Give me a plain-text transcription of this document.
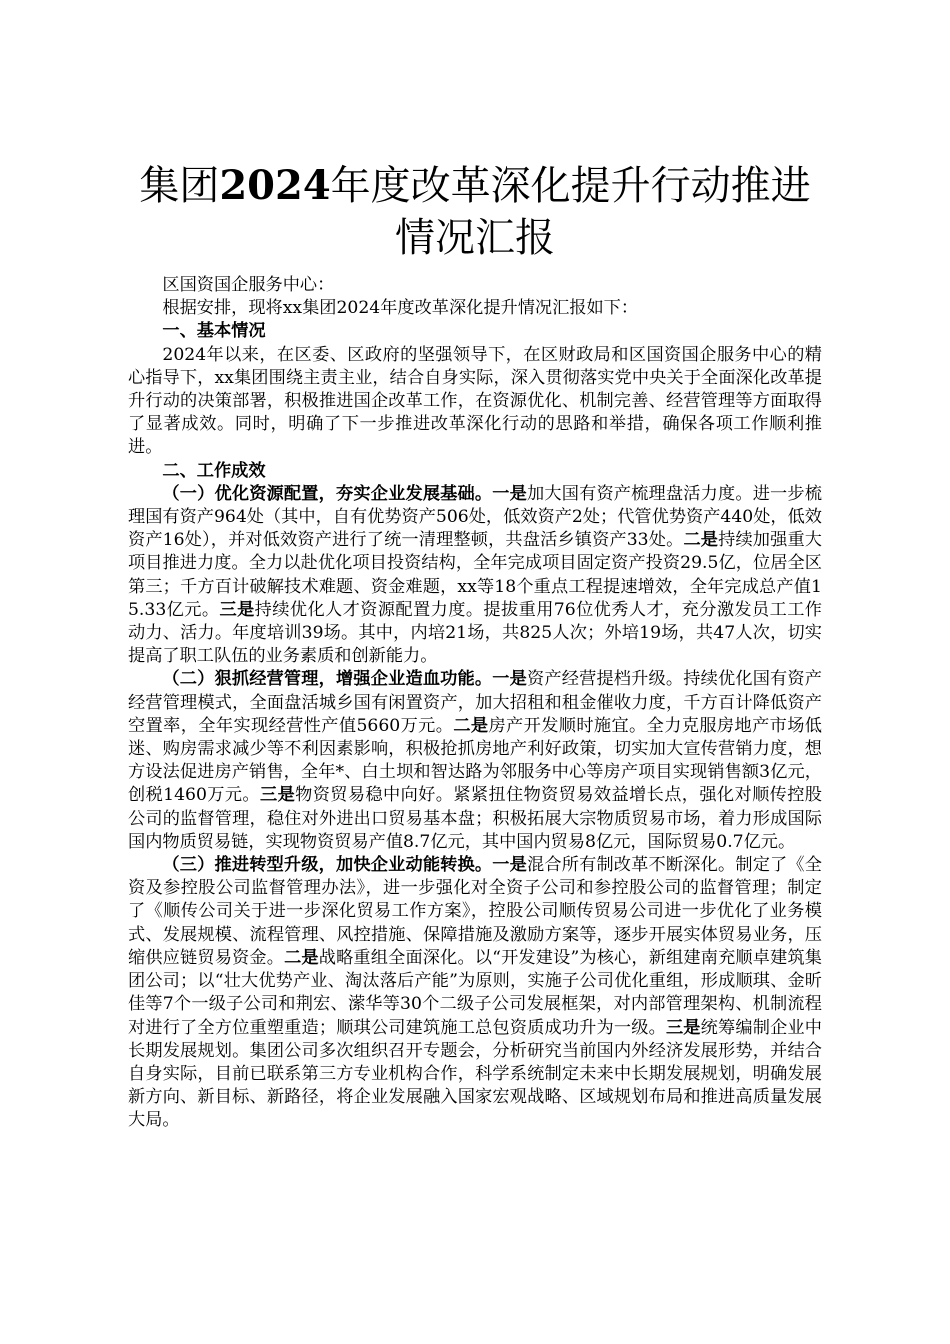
集团2024年度改革深化提升行动推进情况汇报

区国资国企服务中心：

根据安排，现将xx集团2024年度改革深化提升情况汇报如下：

一、基本情况

2024年以来，在区委、区政府的坚强领导下，在区财政局和区国资国企服务中心的精心指导下，xx集团围绕主责主业，结合自身实际，深入贯彻落实党中央关于全面深化改革提升行动的决策部署，积极推进国企改革工作，在资源优化、机制完善、经营管理等方面取得了显著成效。同时，明确了下一步推进改革深化行动的思路和举措，确保各项工作顺利推进。

二、工作成效

（一）优化资源配置，夯实企业发展基础。一是加大国有资产梳理盘活力度。进一步梳理国有资产964处（其中，自有优势资产506处，低效资产2处；代管优势资产440处，低效资产16处），并对低效资产进行了统一清理整顿，共盘活乡镇资产33处。二是持续加强重大项目推进力度。全力以赴优化项目投资结构，全年完成项目固定资产投资29.5亿，位居全区第三；千方百计破解技术难题、资金难题，xx等18个重点工程提速增效，全年完成总产值15.33亿元。三是持续优化人才资源配置力度。提拔重用76位优秀人才，充分激发员工工作动力、活力。年度培训39场。其中，内培21场，共825人次；外培19场，共47人次，切实提高了职工队伍的业务素质和创新能力。

（二）狠抓经营管理，增强企业造血功能。一是资产经营提档升级。持续优化国有资产经营管理模式，全面盘活城乡国有闲置资产，加大招租和租金催收力度，千方百计降低资产空置率，全年实现经营性产值5660万元。二是房产开发顺时施宜。全力克服房地产市场低迷、购房需求减少等不利因素影响，积极抢抓房地产利好政策，切实加大宣传营销力度，想方设法促进房产销售，全年*、白土坝和智达路为邻服务中心等房产项目实现销售额3亿元，创税1460万元。三是物资贸易稳中向好。紧紧扭住物资贸易效益增长点，强化对顺传控股公司的监督管理，稳住对外进出口贸易基本盘；积极拓展大宗物质贸易市场，着力形成国际国内物质贸易链，实现物资贸易产值8.7亿元，其中国内贸易8亿元，国际贸易0.7亿元。

（三）推进转型升级，加快企业动能转换。一是混合所有制改革不断深化。制定了《全资及参控股公司监督管理办法》，进一步强化对全资子公司和参控股公司的监督管理；制定了《顺传公司关于进一步深化贸易工作方案》，控股公司顺传贸易公司进一步优化了业务模式、发展规模、流程管理、风控措施、保障措施及激励方案等，逐步开展实体贸易业务，压缩供应链贸易资金。二是战略重组全面深化。以“开发建设”为核心，新组建南充顺卓建筑集团公司；以“壮大优势产业、淘汰落后产能”为原则，实施子公司优化重组，形成顺琪、金昕佳等7个一级子公司和荆宏、潆华等30个二级子公司发展框架，对内部管理架构、机制流程对进行了全方位重塑重造；顺琪公司建筑施工总包资质成功升为一级。三是统筹编制企业中长期发展规划。集团公司多次组织召开专题会，分析研究当前国内外经济发展形势，并结合自身实际，目前已联系第三方专业机构合作，科学系统制定未来中长期发展规划，明确发展新方向、新目标、新路径，将企业发展融入国家宏观战略、区域规划布局和推进高质量发展大局。
